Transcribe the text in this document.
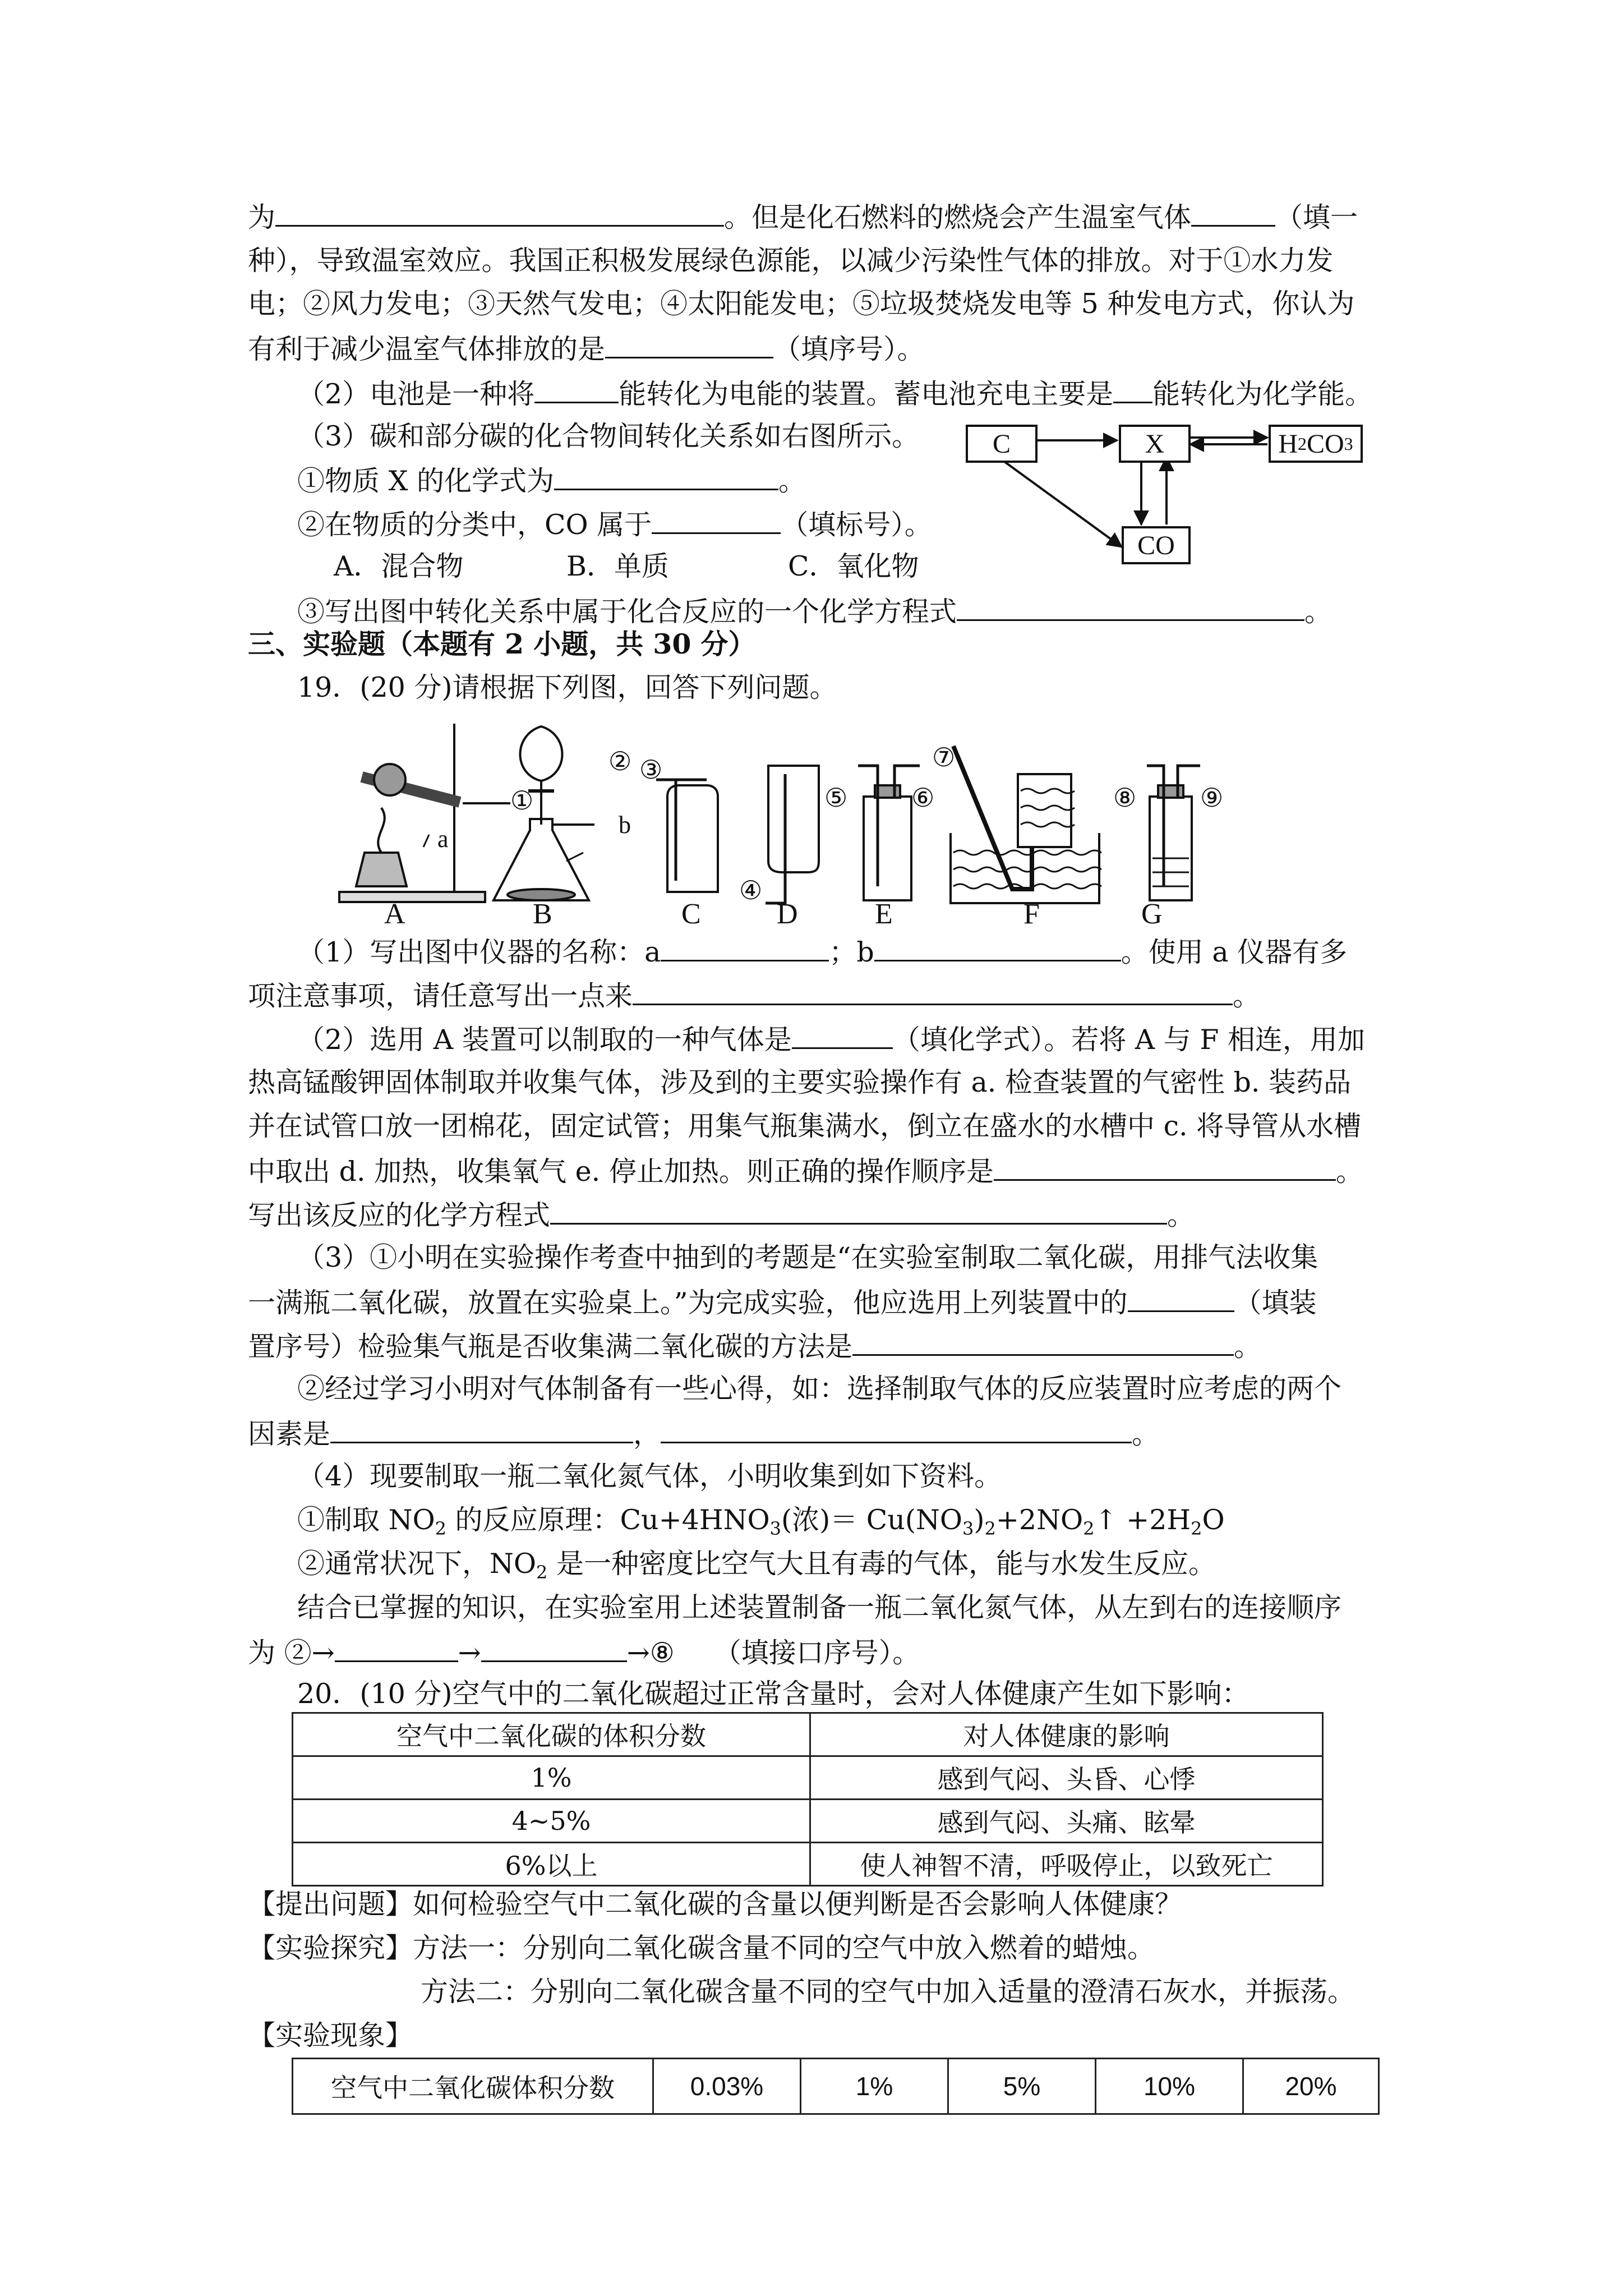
为	。但是化石燃料的燃烧会产生温室气体	（填一
种），导致温室效应。我国正积极发展绿色源能，以减少污染性气体的排放。对于①水力发
电；②风力发电；③天然气发电；④太阳能发电；⑤垃圾焚烧发电等 5 种发电方式，你认为
有利于减少温室气体排放的是	（填序号）。
（2）电池是一种将	能转化为电能的装置。蓄电池充电主要是 能转化为化学能。
（3）碳和部分碳的化合物间转化关系如右图所示。
①物质 X 的化学式为	。
②在物质的分类中，CO 属于	（填标号）。
A．混合物	B．单质	C．氧化物
③写出图中转化关系中属于化合反应的一个化学方程式	。
C	X	H 2 CO 3
CO
三、实验题（本题有 2 小题，共 30 分）
19．(20 分)请根据下列图，回答下列问题。
a
b
A	B	C	D	E	F	G
①
② ③
④
⑤ ⑥
⑦
⑧ ⑨
（1）写出图中仪器的名称：a	；b	。使用 a 仪器有多
项注意事项，请任意写出一点来	。
（2）选用 A 装置可以制取的一种气体是	（填化学式）。若将 A 与 F 相连，用加
热高锰酸钾固体制取并收集气体，涉及到的主要实验操作有 a. 检查装置的气密性 b. 装药品
并在试管口放一团棉花，固定试管；用集气瓶集满水，倒立在盛水的水槽中 c. 将导管从水槽
中取出 d. 加热，收集氧气 e. 停止加热。则正确的操作顺序是	。
写出该反应的化学方程式	。
（3）①小明在实验操作考查中抽到的考题是“在实验室制取二氧化碳，用排气法收集
一满瓶二氧化碳，放置在实验桌上。”为完成实验，他应选用上列装置中的	（填装
置序号）检验集气瓶是否收集满二氧化碳的方法是	。
②经过学习小明对气体制备有一些心得，如：选择制取气体的反应装置时应考虑的两个
因素是	，	。
（4）现要制取一瓶二氧化氮气体，小明收集到如下资料。
①制取 $NO_2$ 的反应原理：$Cu+4HNO_3$(浓)＝ $Cu(NO_3)_2+2NO_2↑ +2H_2O$
②通常状况下，$NO_2$ 是一种密度比空气大且有毒的气体，能与水发生反应。
结合已掌握的知识，在实验室用上述装置制备一瓶二氧化氮气体，从左到右的连接顺序
为 ②→	→	→⑧ （填接口序号）。
20．(10 分)空气中的二氧化碳超过正常含量时，会对人体健康产生如下影响：
空气中二氧化碳的体积分数	对人体健康的影响
1%	感到气闷、头昏、心悸
4~5%	感到气闷、头痛、眩晕
6%以上	使人神智不清，呼吸停止，以致死亡
【提出问题】如何检验空气中二氧化碳的含量以便判断是否会影响人体健康？
【实验探究】方法一：分别向二氧化碳含量不同的空气中放入燃着的蜡烛。
方法二：分别向二氧化碳含量不同的空气中加入适量的澄清石灰水，并振荡。
【实验现象】
空气中二氧化碳体积分数	0.03%	1%	5%	10%	20%
